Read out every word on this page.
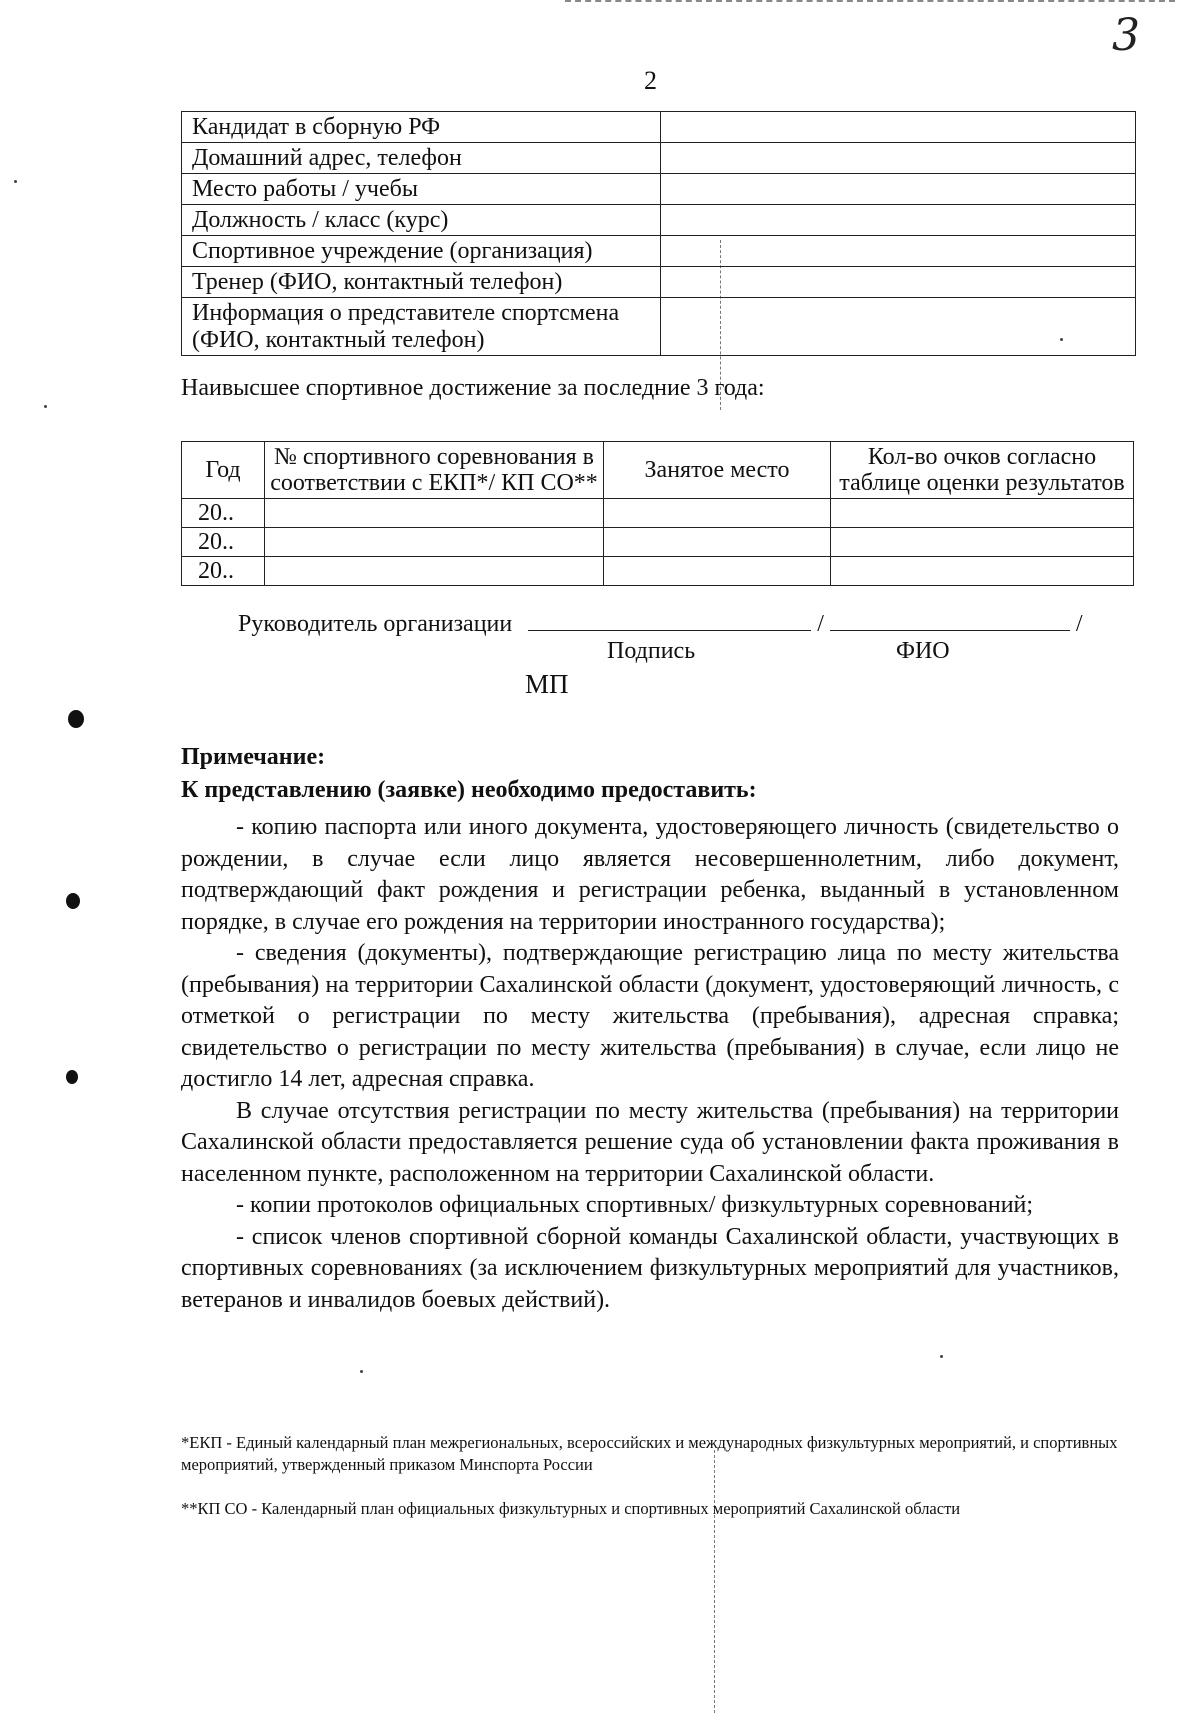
3
2
Кандидат в сборную РФ	
Домашний адрес, телефон	
Место работы / учебы	
Должность / класс (курс)	
Спортивное учреждение (организация)	
Тренер (ФИО, контактный телефон)	
Информация о представителе спортсмена (ФИО, контактный телефон)	
Наивысшее спортивное достижение за последние 3 года:
Год	№ спортивного соревнования в соответствии с ЕКП*/ КП СО**	Занятое место	Кол-во очков согласно таблице оценки результатов
20..			
20..			
20..			
Руководитель организации	/	/
Подпись	ФИО
МП
Примечание:
К представлению (заявке) необходимо предоставить:

- копию паспорта или иного документа, удостоверяющего личность (свидетельство о рождении, в случае если лицо является несовершеннолетним, либо документ, подтверждающий факт рождения и регистрации ребенка, выданный в установленном порядке, в случае его рождения на территории иностранного государства);

- сведения (документы), подтверждающие регистрацию лица по месту жительства (пребывания) на территории Сахалинской области (документ, удостоверяющий личность, с отметкой о регистрации по месту жительства (пребывания), адресная справка; свидетельство о регистрации по месту жительства (пребывания) в случае, если лицо не достигло 14 лет, адресная справка.

В случае отсутствия регистрации по месту жительства (пребывания) на территории Сахалинской области предоставляется решение суда об установлении факта проживания в населенном пункте, расположенном на территории Сахалинской области.

- копии протоколов официальных спортивных/ физкультурных соревнований;

- список членов спортивной сборной команды Сахалинской области, участвующих в спортивных соревнованиях (за исключением физкультурных мероприятий для участников, ветеранов и инвалидов боевых действий).

*ЕКП - Единый календарный план межрегиональных, всероссийских и международных физкультурных мероприятий, и спортивных мероприятий, утвержденный приказом Минспорта России
**КП СО - Календарный план официальных физкультурных и спортивных мероприятий Сахалинской области
